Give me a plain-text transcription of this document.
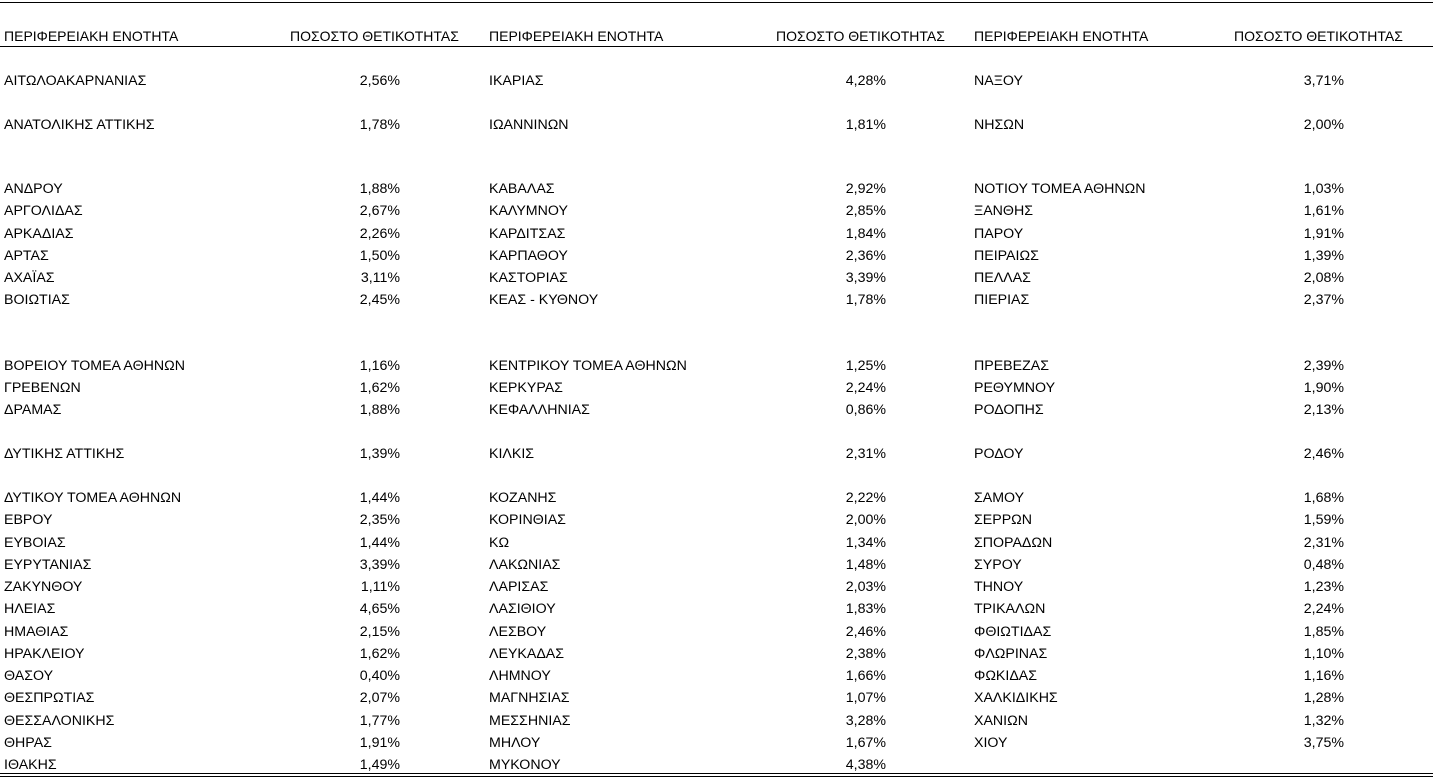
ΠΕΡΙΦΕΡΕΙΑΚΗ ΕΝΟΤΗΤΑ	ΠΟΣΟΣΤΟ ΘΕΤΙΚΟΤΗΤΑΣ
ΑΙΤΩΛΟΑΚΑΡΝΑΝΙΑΣ	2,56%
ΑΝΑΤΟΛΙΚΗΣ ΑΤΤΙΚΗΣ	1,78%
ΑΝΔΡΟΥ	1,88%
ΑΡΓΟΛΙΔΑΣ	2,67%
ΑΡΚΑΔΙΑΣ	2,26%
ΑΡΤΑΣ	1,50%
ΑΧΑΪΑΣ	3,11%
ΒΟΙΩΤΙΑΣ	2,45%
ΒΟΡΕΙΟΥ ΤΟΜΕΑ ΑΘΗΝΩΝ	1,16%
ΓΡΕΒΕΝΩΝ	1,62%
ΔΡΑΜΑΣ	1,88%
ΔΥΤΙΚΗΣ ΑΤΤΙΚΗΣ	1,39%
ΔΥΤΙΚΟΥ ΤΟΜΕΑ ΑΘΗΝΩΝ	1,44%
ΕΒΡΟΥ	2,35%
ΕΥΒΟΙΑΣ	1,44%
ΕΥΡΥΤΑΝΙΑΣ	3,39%
ΖΑΚΥΝΘΟΥ	1,11%
ΗΛΕΙΑΣ	4,65%
ΗΜΑΘΙΑΣ	2,15%
ΗΡΑΚΛΕΙΟΥ	1,62%
ΘΑΣΟΥ	0,40%
ΘΕΣΠΡΩΤΙΑΣ	2,07%
ΘΕΣΣΑΛΟΝΙΚΗΣ	1,77%
ΘΗΡΑΣ	1,91%
ΙΘΑΚΗΣ	1,49%
ΠΕΡΙΦΕΡΕΙΑΚΗ ΕΝΟΤΗΤΑ	ΠΟΣΟΣΤΟ ΘΕΤΙΚΟΤΗΤΑΣ
ΙΚΑΡΙΑΣ	4,28%
ΙΩΑΝΝΙΝΩΝ	1,81%
ΚΑΒΑΛΑΣ	2,92%
ΚΑΛΥΜΝΟΥ	2,85%
ΚΑΡΔΙΤΣΑΣ	1,84%
ΚΑΡΠΑΘΟΥ	2,36%
ΚΑΣΤΟΡΙΑΣ	3,39%
ΚΕΑΣ - ΚΥΘΝΟΥ	1,78%
ΚΕΝΤΡΙΚΟΥ ΤΟΜΕΑ ΑΘΗΝΩΝ	1,25%
ΚΕΡΚΥΡΑΣ	2,24%
ΚΕΦΑΛΛΗΝΙΑΣ	0,86%
ΚΙΛΚΙΣ	2,31%
ΚΟΖΑΝΗΣ	2,22%
ΚΟΡΙΝΘΙΑΣ	2,00%
ΚΩ	1,34%
ΛΑΚΩΝΙΑΣ	1,48%
ΛΑΡΙΣΑΣ	2,03%
ΛΑΣΙΘΙΟΥ	1,83%
ΛΕΣΒΟΥ	2,46%
ΛΕΥΚΑΔΑΣ	2,38%
ΛΗΜΝΟΥ	1,66%
ΜΑΓΝΗΣΙΑΣ	1,07%
ΜΕΣΣΗΝΙΑΣ	3,28%
ΜΗΛΟΥ	1,67%
ΜΥΚΟΝΟΥ	4,38%
ΠΕΡΙΦΕΡΕΙΑΚΗ ΕΝΟΤΗΤΑ	ΠΟΣΟΣΤΟ ΘΕΤΙΚΟΤΗΤΑΣ
ΝΑΞΟΥ	3,71%
ΝΗΣΩΝ	2,00%
ΝΟΤΙΟΥ ΤΟΜΕΑ ΑΘΗΝΩΝ	1,03%
ΞΑΝΘΗΣ	1,61%
ΠΑΡΟΥ	1,91%
ΠΕΙΡΑΙΩΣ	1,39%
ΠΕΛΛΑΣ	2,08%
ΠΙΕΡΙΑΣ	2,37%
ΠΡΕΒΕΖΑΣ	2,39%
ΡΕΘΥΜΝΟΥ	1,90%
ΡΟΔΟΠΗΣ	2,13%
ΡΟΔΟΥ	2,46%
ΣΑΜΟΥ	1,68%
ΣΕΡΡΩΝ	1,59%
ΣΠΟΡΑΔΩΝ	2,31%
ΣΥΡΟΥ	0,48%
ΤΗΝΟΥ	1,23%
ΤΡΙΚΑΛΩΝ	2,24%
ΦΘΙΩΤΙΔΑΣ	1,85%
ΦΛΩΡΙΝΑΣ	1,10%
ΦΩΚΙΔΑΣ	1,16%
ΧΑΛΚΙΔΙΚΗΣ	1,28%
ΧΑΝΙΩΝ	1,32%
ΧΙΟΥ	3,75%
